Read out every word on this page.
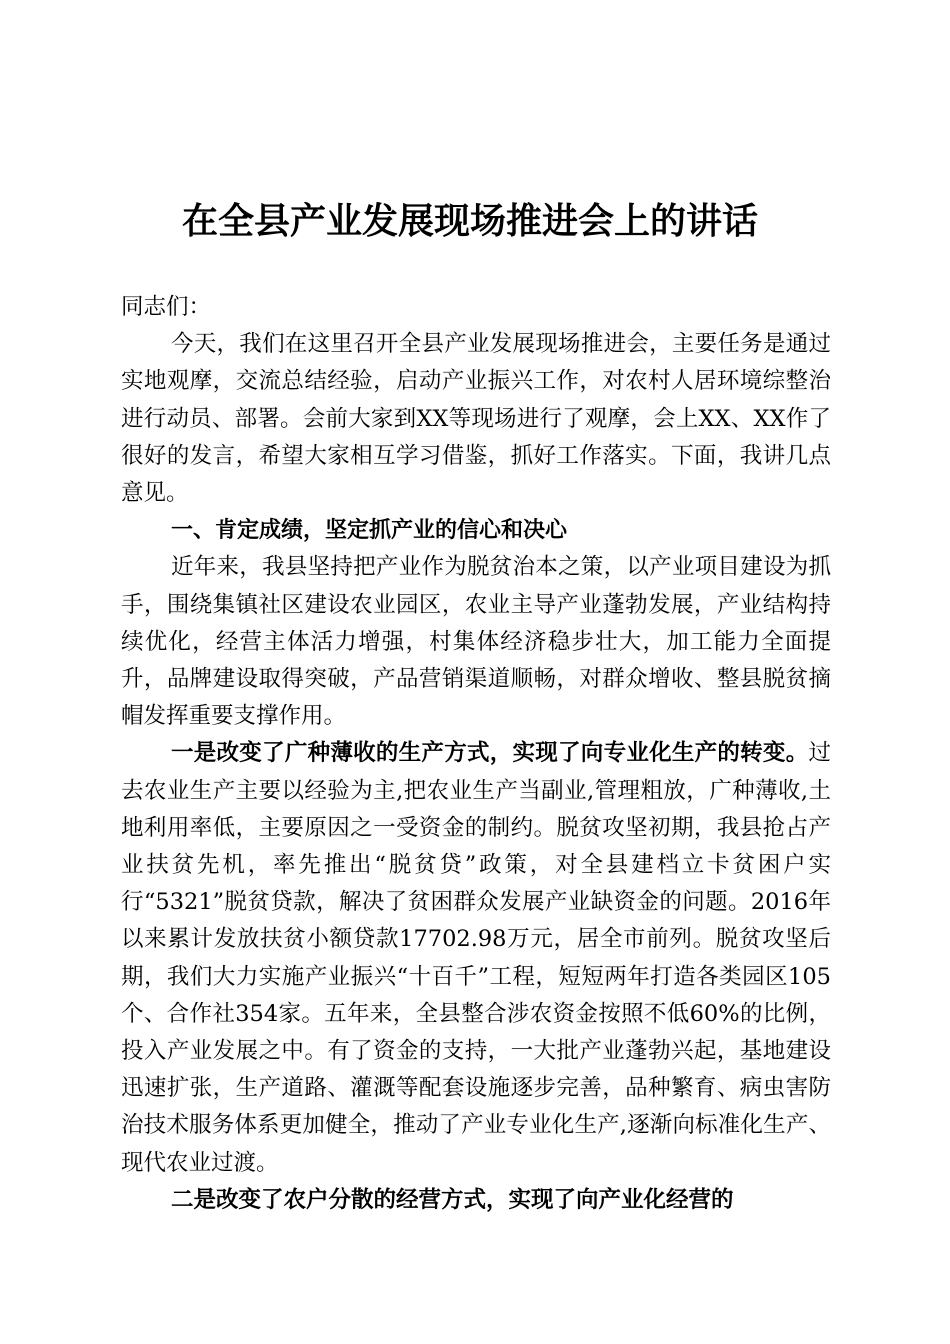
在全县产业发展现场推进会上的讲话

同志们：

今天，我们在这里召开全县产业发展现场推进会，主要任务是通过实地观摩，交流总结经验，启动产业振兴工作，对农村人居环境综整治进行动员、部署。会前大家到XX等现场进行了观摩，会上XX、XX作了很好的发言，希望大家相互学习借鉴，抓好工作落实。下面，我讲几点意见。

一、肯定成绩，坚定抓产业的信心和决心

近年来，我县坚持把产业作为脱贫治本之策，以产业项目建设为抓手，围绕集镇社区建设农业园区，农业主导产业蓬勃发展，产业结构持续优化，经营主体活力增强，村集体经济稳步壮大，加工能力全面提升，品牌建设取得突破，产品营销渠道顺畅，对群众增收、整县脱贫摘帽发挥重要支撑作用。

一是改变了广种薄收的生产方式，实现了向专业化生产的转变。过去农业生产主要以经验为主,把农业生产当副业,管理粗放，广种薄收,土地利用率低，主要原因之一受资金的制约。脱贫攻坚初期，我县抢占产业扶贫先机，率先推出“脱贫贷”政策，对全县建档立卡贫困户实行“5321”脱贫贷款，解决了贫困群众发展产业缺资金的问题。2016年以来累计发放扶贫小额贷款17702.98万元，居全市前列。脱贫攻坚后期，我们大力实施产业振兴“十百千”工程，短短两年打造各类园区105个、合作社354家。五年来，全县整合涉农资金按照不低60%的比例，投入产业发展之中。有了资金的支持，一大批产业蓬勃兴起，基地建设迅速扩张，生产道路、灌溉等配套设施逐步完善，品种繁育、病虫害防治技术服务体系更加健全，推动了产业专业化生产,逐渐向标准化生产、现代农业过渡。

二是改变了农户分散的经营方式，实现了向产业化经营的
